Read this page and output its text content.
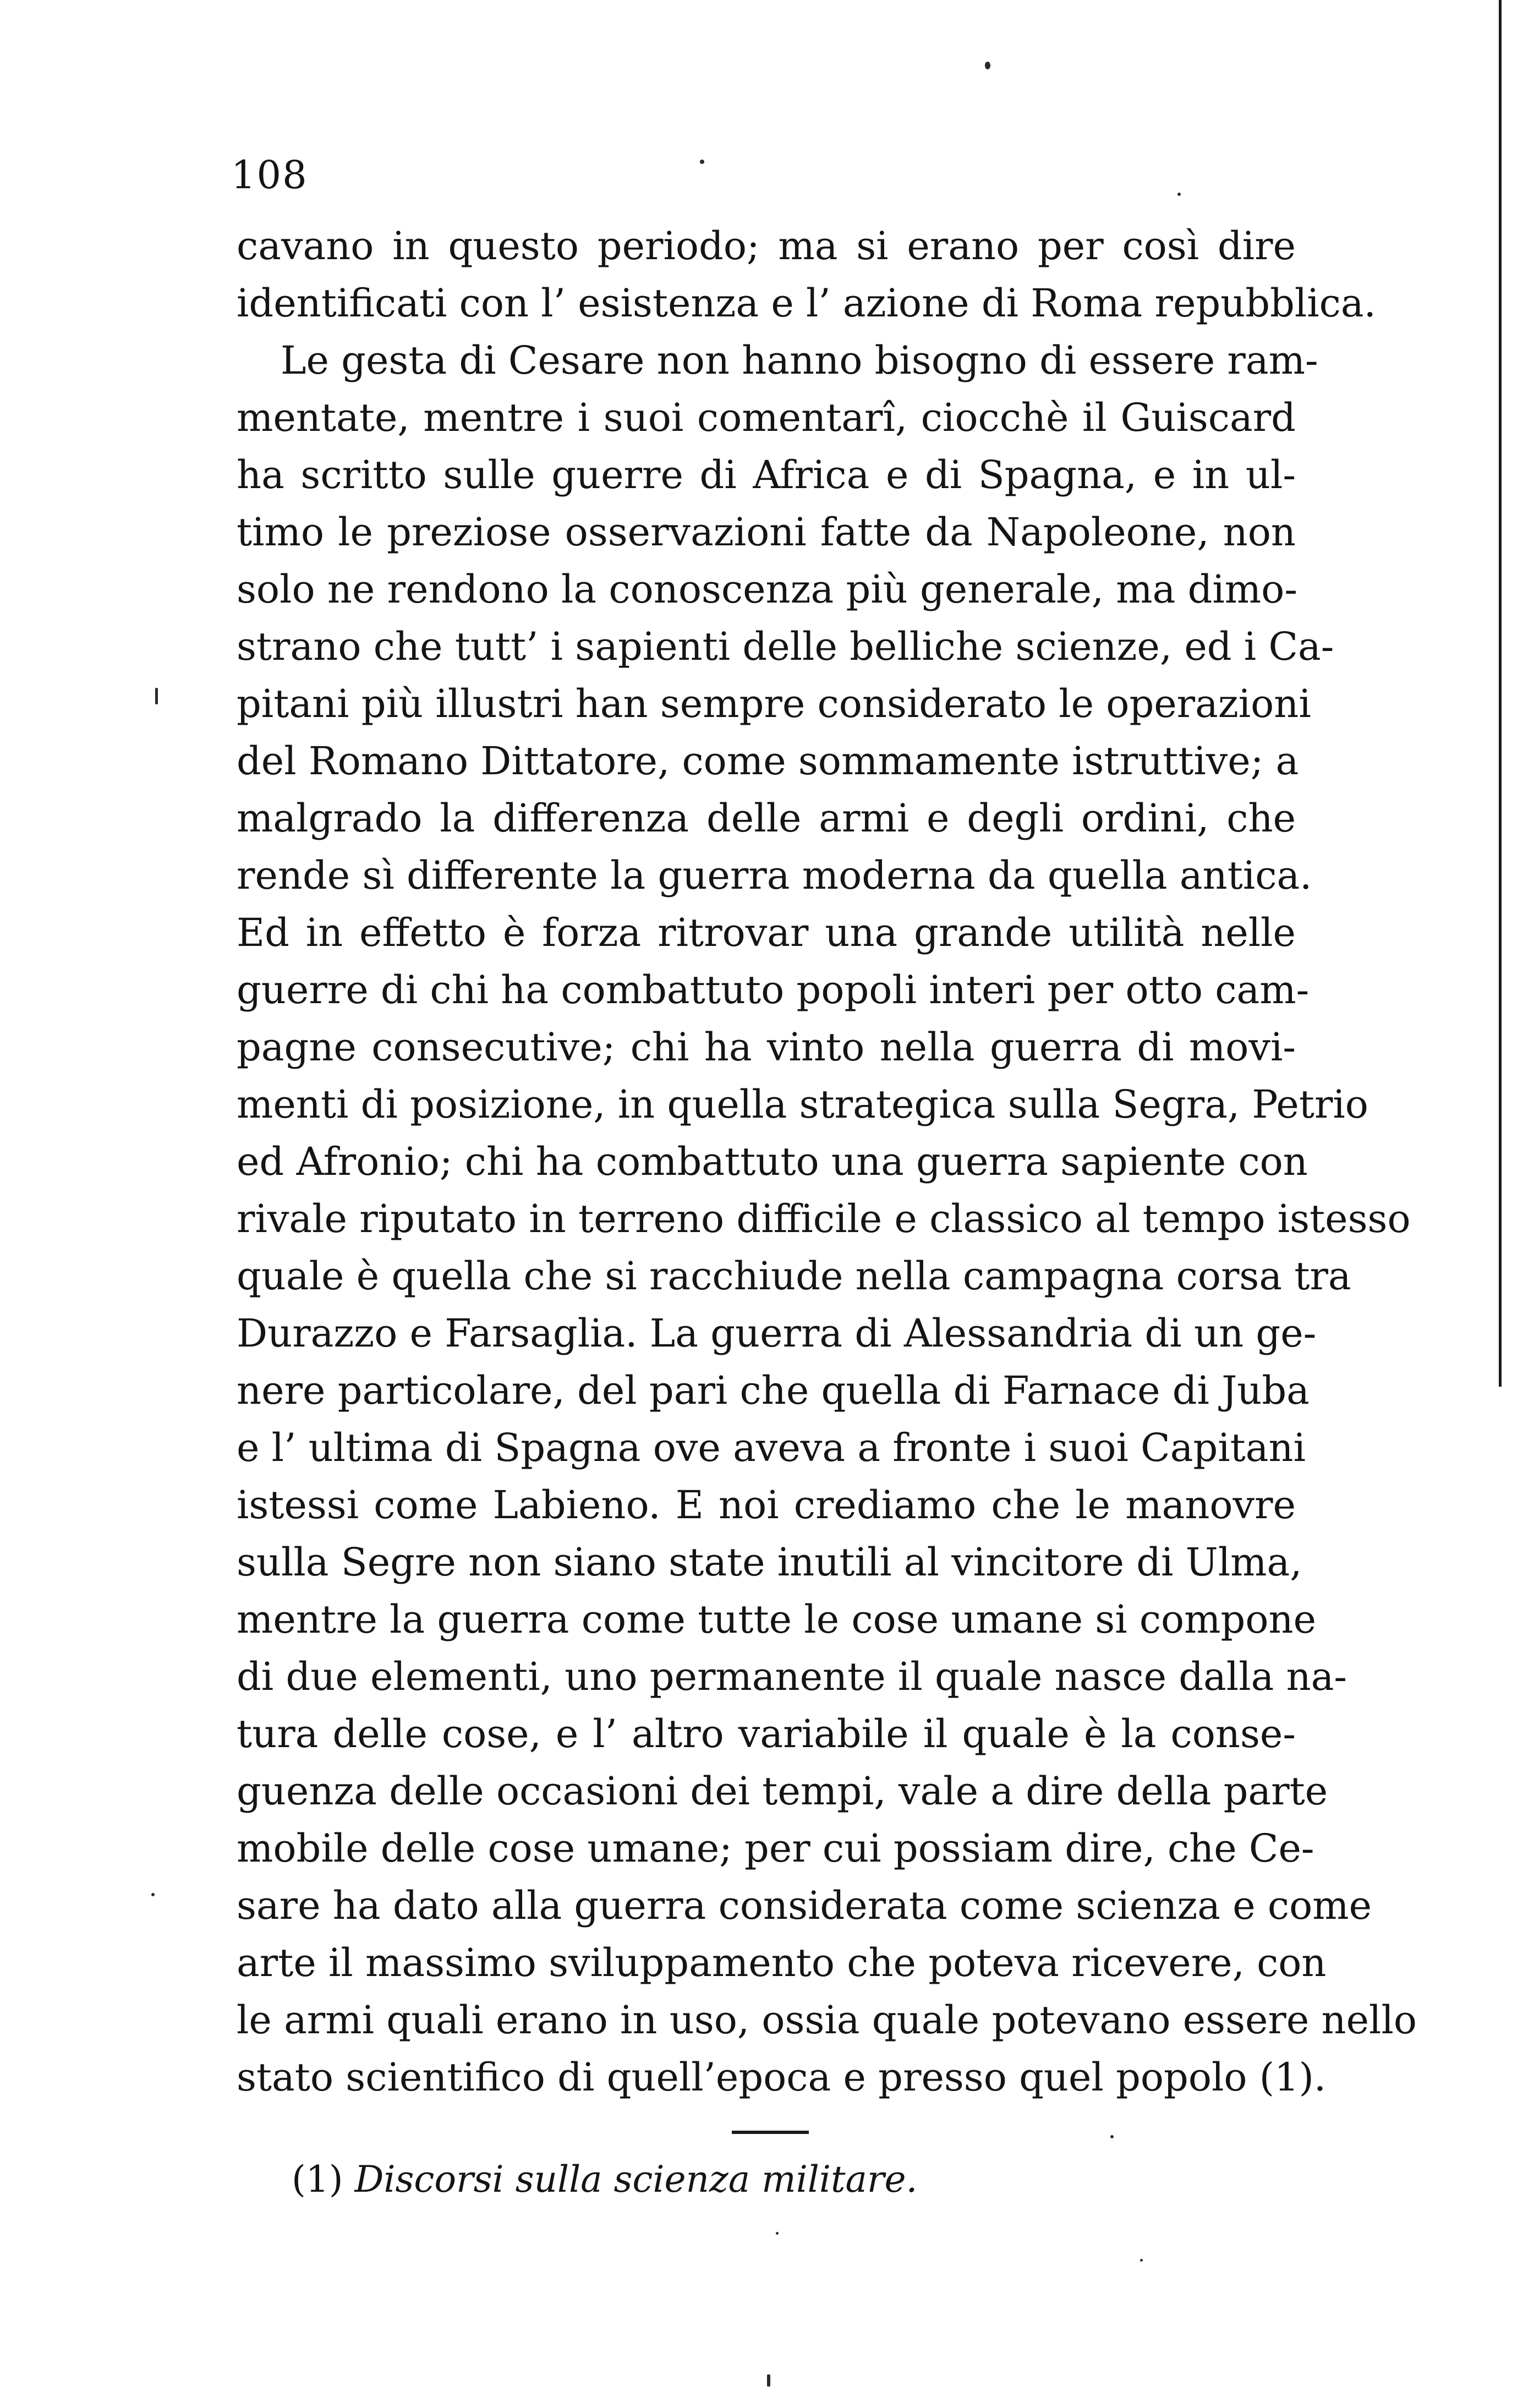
108
cavano in questo periodo; ma si erano per così dire
identificati con l’ esistenza e l’ azione di Roma repubblica.
Le gesta di Cesare non hanno bisogno di essere ram-
mentate, mentre i suoi comentarî, ciocchè il Guiscard
ha scritto sulle guerre di Africa e di Spagna, e in ul-
timo le preziose osservazioni fatte da Napoleone, non
solo ne rendono la conoscenza più generale, ma dimo-
strano che tutt’ i sapienti delle belliche scienze, ed i Ca-
pitani più illustri han sempre considerato le operazioni
del Romano Dittatore, come sommamente istruttive; a
malgrado la differenza delle armi e degli ordini, che
rende sì differente la guerra moderna da quella antica.
Ed in effetto è forza ritrovar una grande utilità nelle
guerre di chi ha combattuto popoli interi per otto cam-
pagne consecutive; chi ha vinto nella guerra di movi-
menti di posizione, in quella strategica sulla Segra, Petrio
ed Afronio; chi ha combattuto una guerra sapiente con
rivale riputato in terreno difficile e classico al tempo istesso
quale è quella che si racchiude nella campagna corsa tra
Durazzo e Farsaglia. La guerra di Alessandria di un ge-
nere particolare, del pari che quella di Farnace di Juba
e l’ ultima di Spagna ove aveva a fronte i suoi Capitani
istessi come Labieno. E noi crediamo che le manovre
sulla Segre non siano state inutili al vincitore di Ulma,
mentre la guerra come tutte le cose umane si compone
di due elementi, uno permanente il quale nasce dalla na-
tura delle cose, e l’ altro variabile il quale è la conse-
guenza delle occasioni dei tempi, vale a dire della parte
mobile delle cose umane; per cui possiam dire, che Ce-
sare ha dato alla guerra considerata come scienza e come
arte il massimo sviluppamento che poteva ricevere, con
le armi quali erano in uso, ossia quale potevano essere nello
stato scientifico di quell’epoca e presso quel popolo (1).
(1) Discorsi sulla scienza militare.
